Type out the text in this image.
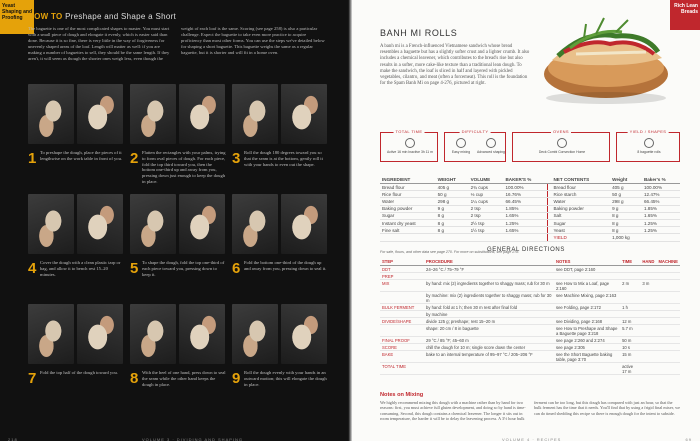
Yeast Shaping and Proofing HOW TO Preshape and Shape a Short
The baguette is one of the most complicated shapes to master. You must start with a small piece of dough and elongate it evenly, which is easier said than done. Because it is so fine, there is very little in the way of forgiveness for unevenly shaped areas of the loaf. Length will matter as well: if you are making a number of baguettes to sell, they should be the same length. If they aren't, it will seem as though the shorter ones weigh less, even though the weight of each loaf is the same. Scoring (see page 258) is also a particular challenge. Expect the baguette to take even more practice to acquire proficiency than most other forms. You can use the steps we've detailed below for shaping a short baguette. This baguette weighs the same as a regular baguette, but it is shorter and will fit in a home oven.
1 To preshape the dough, place the pieces of it lengthwise on the work table in front of you. 2 Flatten the rectangles with your palms, trying to form oval pieces of dough. For each piece, fold the top third toward you, then the bottom one-third up and away from you, pressing down just enough to keep the dough in place.
3 Roll the dough 180 degrees toward you so that the seam is at the bottom, gently roll it with your hands to even out the shape.
4 Cover the dough with a clean plastic tarp or bag, and allow it to bench rest 15–20 minutes.	5 To shape the dough, fold the top one-third of each piece toward you, pressing down to keep it.	6 Fold the bottom one-third of the dough up and away from you, pressing down to seal it.
7 Fold the top half of the dough toward you. 8 With the heel of one hand, press down to seal the seam while the other hand keeps the dough in place.	9 Roll the dough evenly with your hands in an outward motion; this will elongate the dough in place.
218	VOLUME 3 · DIVIDING AND SHAPING
Rich Lean Breads
BANH MI ROLLS
A banh mi is a French-influenced Vietnamese sandwich whose bread resembles a baguette but has a slightly softer crust and a lighter crumb. It also includes a chemical leavener, which contributes to the bread's rise but also results in a softer, more cake-like texture than a traditional lean dough. To make the sandwich, the loaf is sliced in half and layered with pickled vegetables, cilantro, and meat (often a forcemeat). This roll is the foundation for the Spam Banh Mi on page 4-276, pictured at right.
TOTAL TIME
Active 16 min Inactive 3h 11 m
DIFFICULTY
Easy mixing	Advanced shaping
OVENS
Deck Combi Convection Home
YIELD / SHAPES
8 baguette rolls
INGREDIENT	WEIGHT	VOLUME	BAKER'S %		NET CONTENTS	Weight	Baker's %
Bread flour	405 g	2¾ cups	100.00%		Bread flour	405 g	100.00%
Rice flour	50 g	⅓ cup	16.76%		Rice starch	50 g	12.47%
Water	298 g	1¼ cups	66.45%		Water	298 g	66.45%
Baking powder	9 g	2 tsp	1.85%		Baking powder	9 g	1.85%
Sugar	8 g	2 tsp	1.65%		Salt	8 g	1.65%
Instant dry yeast	8 g	2½ tsp	1.25%		Sugar	8 g	1.25%
Fine salt	8 g	1½ tsp	1.65%		Yeast	8 g	1.25%
					YIELD	1,000 kg	
For safe, flours, and other data see page 270. For more on substitutions, see page 278.
GENERAL DIRECTIONS
STEP	PROCEDURE	NOTES	TIME	HAND	MACHINE
DDT	24–26 °C / 75–79 °F	see DDT, page 2:160			
PREP					
MIX	by hand: mix (2) ingredients together to shaggy mass; rub for 30 m	see How to Mix a Loaf, page 2:160	2 m	3 m	
	by machine: mix (2) ingredients together to shaggy mass; rub for 30 m	see Machine Mixing, page 2:163			
BULK FERMENT	by hand: fold at 1 h; then 30 m rest after final fold	see Folding, page 2:172	1 h		
	by machine				
DIVIDE/SHAPE	divide 125 g; preshape; rest 15–20 m	see Dividing, page 2:168	12 m		
	shape: 20 cm / 8 in baguette	see How to Preshape and Shape a Baguette page 3:218	5.7 m		
FINAL PROOF	29 °C / 85 °F; 45–60 m	see page 2:260 and 2:274	50 m		
SCORE	chill the dough for 10 m; single score down the center	see page 2:305	10 s		
BAKE	bake to an internal temperature of 95–97 °C / 205–206 °F	see the Short Baguette baking table, page 3:70	15 m		
TOTAL TIME			active 17 m		
Notes on Mixing
We highly recommend mixing this dough with a machine rather than by hand for two reasons: first, you must achieve full gluten development, and doing so by hand is time-consuming. Second, this dough contains a chemical leavener. The longer it sits out in room temperature, the harder it will be to delay the leavening process. A 3½ hour bulk ferment can be too long, but this dough has compared with just an hour, so that the bulk ferment has the time that it needs. You'll find that by using a frigid final mixer, we can do timed shedding this recipe so there is enough dough for the intent to subside.
VOLUME 4 · RECIPES	69
